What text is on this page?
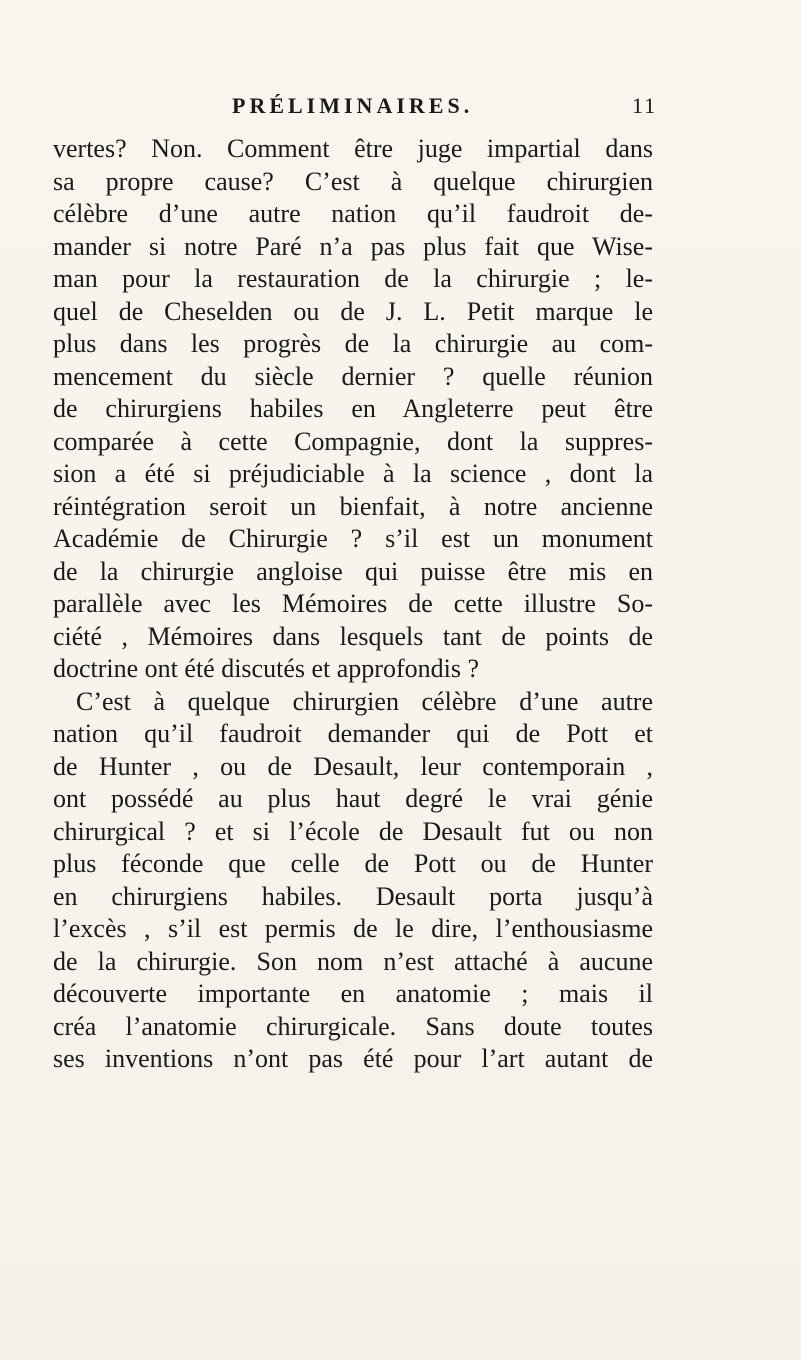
PRÉLIMINAIRES.	11
vertes? Non. Comment être juge impartial dans
sa propre cause? C’est à quelque chirurgien
célèbre d’une autre nation qu’il faudroit de-
mander si notre Paré n’a pas plus fait que Wise-
man pour la restauration de la chirurgie ; le-
quel de Cheselden ou de J. L. Petit marque le
plus dans les progrès de la chirurgie au com-
mencement du siècle dernier ? quelle réunion
de chirurgiens habiles en Angleterre peut être
comparée à cette Compagnie, dont la suppres-
sion a été si préjudiciable à la science , dont la
réintégration seroit un bienfait, à notre ancienne
Académie de Chirurgie ? s’il est un monument
de la chirurgie angloise qui puisse être mis en
parallèle avec les Mémoires de cette illustre So-
ciété , Mémoires dans lesquels tant de points de
doctrine ont été discutés et approfondis ?
C’est à quelque chirurgien célèbre d’une autre
nation qu’il faudroit demander qui de Pott et
de Hunter , ou de Desault, leur contemporain ,
ont possédé au plus haut degré le vrai génie
chirurgical ? et si l’école de Desault fut ou non
plus féconde que celle de Pott ou de Hunter
en chirurgiens habiles. Desault porta jusqu’à
l’excès , s’il est permis de le dire, l’enthousiasme
de la chirurgie. Son nom n’est attaché à aucune
découverte importante en anatomie ; mais il
créa l’anatomie chirurgicale. Sans doute toutes
ses inventions n’ont pas été pour l’art autant de
